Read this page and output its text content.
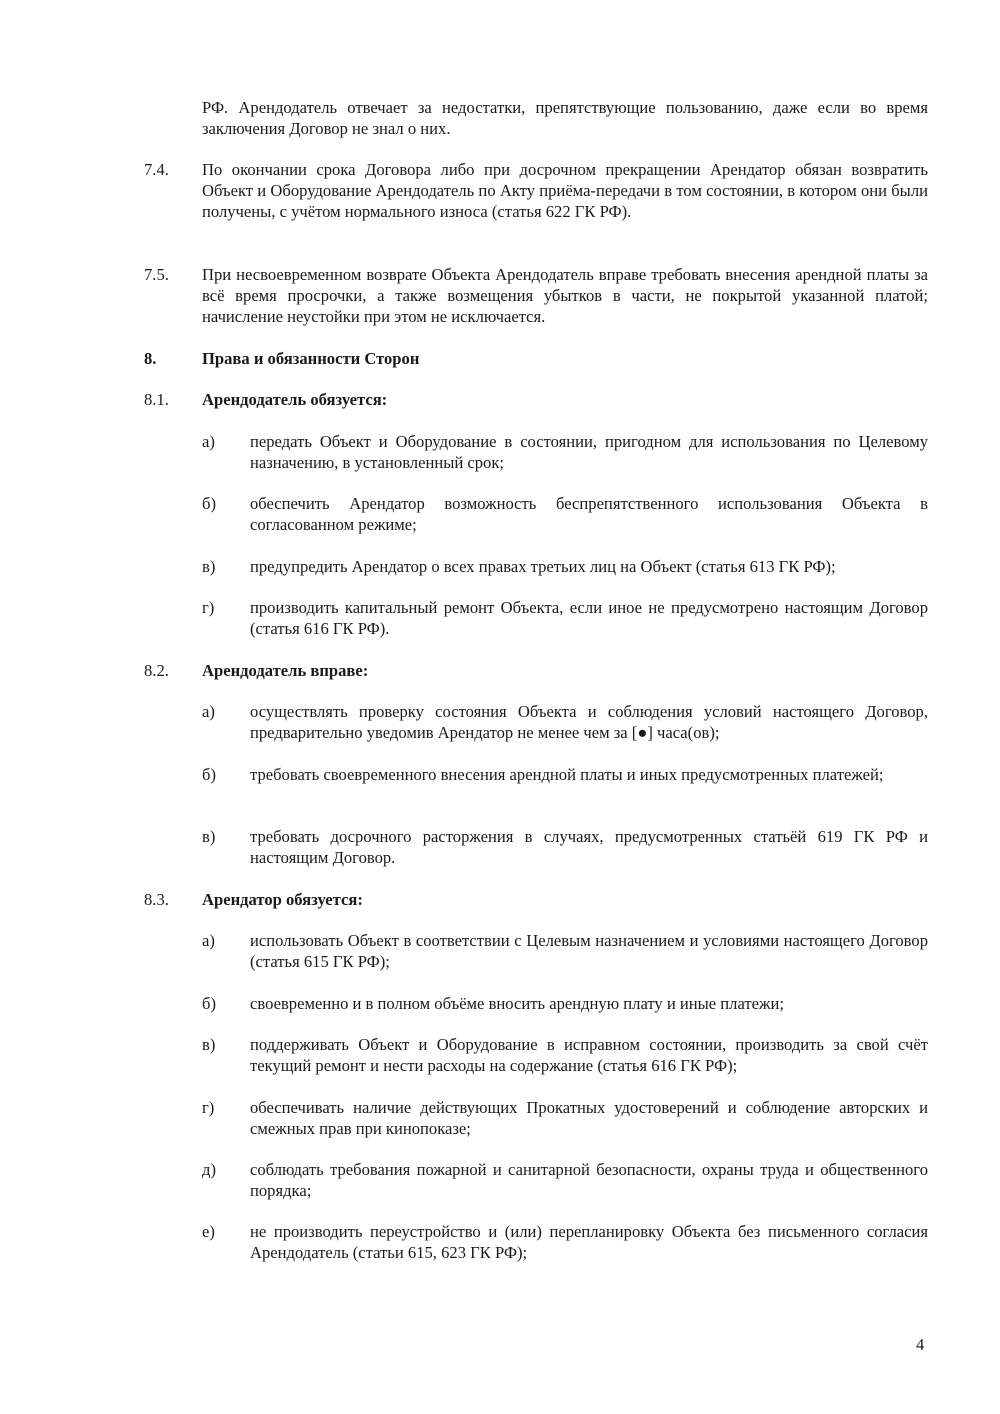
РФ. Арендодатель отвечает за недостатки, препятствующие пользованию, даже если во время заключения Договор не знал о них.

7.4. По окончании срока Договора либо при досрочном прекращении Арендатор обязан возвратить Объект и Оборудование Арендодатель по Акту приёма-передачи в том состоянии, в котором они были получены, с учётом нормального износа (статья 622 ГК РФ).

7.5. При несвоевременном возврате Объекта Арендодатель вправе требовать внесения арендной платы за всё время просрочки, а также возмещения убытков в части, не покрытой указанной платой; начисление неустойки при этом не исключается.

8.	Права и обязанности Сторон

8.1. Арендодатель обязуется:

а) передать Объект и Оборудование в состоянии, пригодном для использования по Целевому назначению, в установленный срок;

б) обеспечить Арендатор возможность беспрепятственного использования Объекта в согласованном режиме;

в) предупредить Арендатор о всех правах третьих лиц на Объект (статья 613 ГК РФ);

г) производить капитальный ремонт Объекта, если иное не предусмотрено настоящим Договор (статья 616 ГК РФ).

8.2. Арендодатель вправе:

а) осуществлять проверку состояния Объекта и соблюдения условий настоящего Договор, предварительно уведомив Арендатор не менее чем за [●] часа(ов);

б) требовать своевременного внесения арендной платы и иных предусмотренных платежей;

в) требовать досрочного расторжения в случаях, предусмотренных статьёй 619 ГК РФ и настоящим Договор.

8.3. Арендатор обязуется:

а) использовать Объект в соответствии с Целевым назначением и условиями настоящего Договор (статья 615 ГК РФ);

б) своевременно и в полном объёме вносить арендную плату и иные платежи;

в) поддерживать Объект и Оборудование в исправном состоянии, производить за свой счёт текущий ремонт и нести расходы на содержание (статья 616 ГК РФ);

г) обеспечивать наличие действующих Прокатных удостоверений и соблюдение авторских и смежных прав при кинопоказе;

д) соблюдать требования пожарной и санитарной безопасности, охраны труда и общественного порядка;

е) не производить переустройство и (или) перепланировку Объекта без письменного согласия Арендодатель (статьи 615, 623 ГК РФ);

4
